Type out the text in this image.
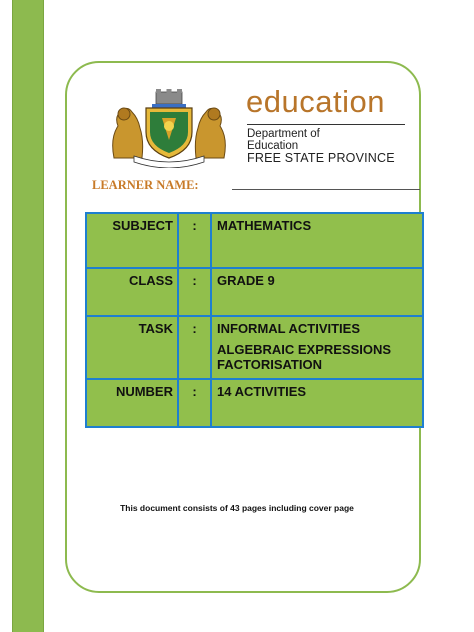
education
Department of
Education
FREE STATE PROVINCE
LEARNER NAME:
SUBJECT	:	MATHEMATICS
CLASS	:	GRADE 9
TASK	:	INFORMAL ACTIVITIES
ALGEBRAIC EXPRESSIONS
FACTORISATION

NUMBER	:	14 ACTIVITIES
This document consists of 43 pages including cover page
